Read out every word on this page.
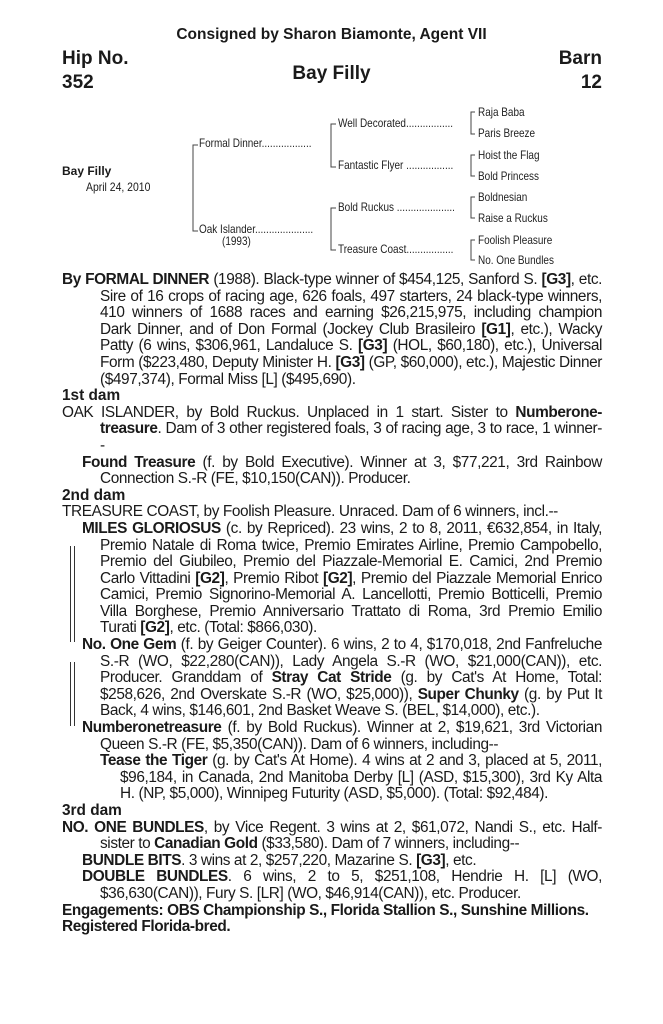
Consigned by Sharon Biamonte, Agent VII
Hip No.
352
Barn
12
Bay Filly
Bay Filly
April 24, 2010
Formal Dinner..................
Oak Islander.....................
(1993)
Well Decorated.................
Fantastic Flyer .................
Bold Ruckus .....................
Treasure Coast.................
Raja Baba
Paris Breeze
Hoist the Flag
Bold Princess
Boldnesian
Raise a Ruckus
Foolish Pleasure
No. One Bundles

By FORMAL DINNER (1988). Black-type winner of $454,125, Sanford S. [G3], etc. Sire of 16 crops of racing age, 626 foals, 497 starters, 24 black-type winners, 410 winners of 1688 races and earning $26,215,975, including champion Dark Dinner, and of Don Formal (Jockey Club Brasileiro [G1], etc.), Wacky Patty (6 wins, $306,961, Landaluce S. [G3] (HOL, $60,180), etc.), Universal Form ($223,480, Deputy Minister H. [G3] (GP, $60,000), etc.), Majestic Dinner ($497,374), Formal Miss [L] ($495,690).

1st dam

OAK ISLANDER, by Bold Ruckus. Unplaced in 1 start. Sister to Numberone-treasure. Dam of 3 other registered foals, 3 of racing age, 3 to race, 1 winner--

Found Treasure (f. by Bold Executive). Winner at 3, $77,221, 3rd Rainbow Connection S.-R (FE, $10,150(CAN)). Producer.

2nd dam

TREASURE COAST, by Foolish Pleasure. Unraced. Dam of 6 winners, incl.--

MILES GLORIOSUS (c. by Repriced). 23 wins, 2 to 8, 2011, €632,854, in Italy, Premio Natale di Roma twice, Premio Emirates Airline, Premio Campobello, Premio del Giubileo, Premio del Piazzale-Memorial E. Camici, 2nd Premio Carlo Vittadini [G2], Premio Ribot [G2], Premio del Piazzale Memorial Enrico Camici, Premio Signorino-Memorial A. Lancellotti, Premio Botticelli, Premio Villa Borghese, Premio Anniversario Trattato di Roma, 3rd Premio Emilio Turati [G2], etc. (Total: $866,030).

No. One Gem (f. by Geiger Counter). 6 wins, 2 to 4, $170,018, 2nd Fanfreluche S.-R (WO, $22,280(CAN)), Lady Angela S.-R (WO, $21,000(CAN)), etc. Producer. Granddam of Stray Cat Stride (g. by Cat's At Home, Total: $258,626, 2nd Overskate S.-R (WO, $25,000)), Super Chunky (g. by Put It Back, 4 wins, $146,601, 2nd Basket Weave S. (BEL, $14,000), etc.).

Numberonetreasure (f. by Bold Ruckus). Winner at 2, $19,621, 3rd Victorian Queen S.-R (FE, $5,350(CAN)). Dam of 6 winners, including--

Tease the Tiger (g. by Cat's At Home). 4 wins at 2 and 3, placed at 5, 2011, $96,184, in Canada, 2nd Manitoba Derby [L] (ASD, $15,300), 3rd Ky Alta H. (NP, $5,000), Winnipeg Futurity (ASD, $5,000). (Total: $92,484).

3rd dam

NO. ONE BUNDLES, by Vice Regent. 3 wins at 2, $61,072, Nandi S., etc. Half-sister to Canadian Gold ($33,580). Dam of 7 winners, including--

BUNDLE BITS. 3 wins at 2, $257,220, Mazarine S. [G3], etc.

DOUBLE BUNDLES. 6 wins, 2 to 5, $251,108, Hendrie H. [L] (WO, $36,630(CAN)), Fury S. [LR] (WO, $46,914(CAN)), etc. Producer.

Engagements: OBS Championship S., Florida Stallion S., Sunshine Millions.

Registered Florida-bred.
